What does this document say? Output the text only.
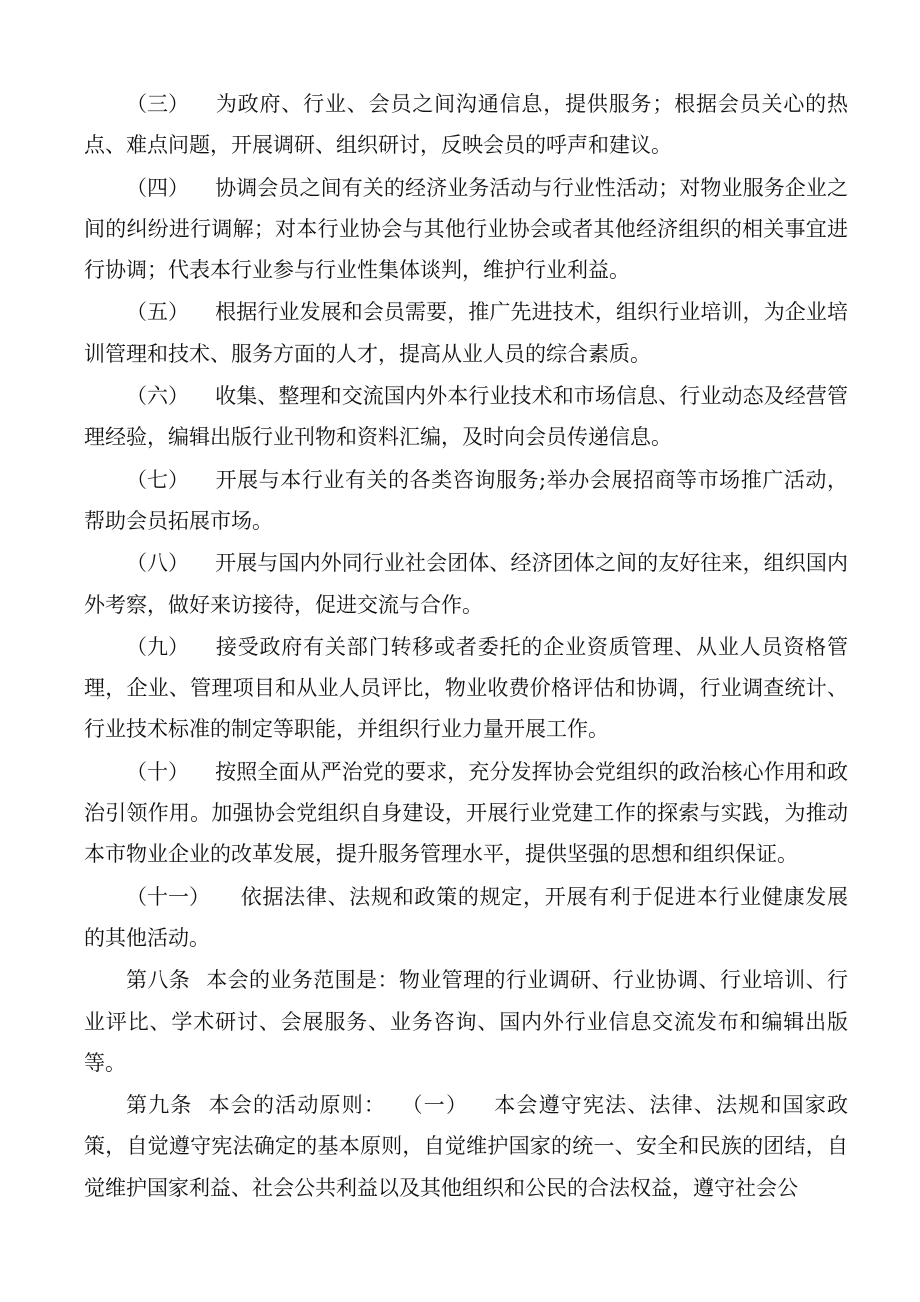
（三） 为政府、行业、会员之间沟通信息，提供服务；根据会员关心的热点、难点问题，开展调研、组织研讨，反映会员的呼声和建议。

（四） 协调会员之间有关的经济业务活动与行业性活动；对物业服务企业之间的纠纷进行调解；对本行业协会与其他行业协会或者其他经济组织的相关事宜进行协调；代表本行业参与行业性集体谈判，维护行业利益。

（五） 根据行业发展和会员需要，推广先进技术，组织行业培训，为企业培训管理和技术、服务方面的人才，提高从业人员的综合素质。

（六） 收集、整理和交流国内外本行业技术和市场信息、行业动态及经营管理经验，编辑出版行业刊物和资料汇编，及时向会员传递信息。

（七） 开展与本行业有关的各类咨询服务;举办会展招商等市场推广活动，帮助会员拓展市场。

（八） 开展与国内外同行业社会团体、经济团体之间的友好往来，组织国内外考察，做好来访接待，促进交流与合作。

（九） 接受政府有关部门转移或者委托的企业资质管理、从业人员资格管理，企业、管理项目和从业人员评比，物业收费价格评估和协调，行业调查统计、行业技术标准的制定等职能，并组织行业力量开展工作。

（十） 按照全面从严治党的要求，充分发挥协会党组织的政治核心作用和政治引领作用。加强协会党组织自身建设，开展行业党建工作的探索与实践，为推动本市物业企业的改革发展，提升服务管理水平，提供坚强的思想和组织保证。

（十一） 依据法律、法规和政策的规定，开展有利于促进本行业健康发展的其他活动。

第八条 本会的业务范围是：物业管理的行业调研、行业协调、行业培训、行业评比、学术研讨、会展服务、业务咨询、国内外行业信息交流发布和编辑出版等。

第九条 本会的活动原则： （一） 本会遵守宪法、法律、法规和国家政策，自觉遵守宪法确定的基本原则，自觉维护国家的统一、安全和民族的团结，自觉维护国家利益、社会公共利益以及其他组织和公民的合法权益，遵守社会公
